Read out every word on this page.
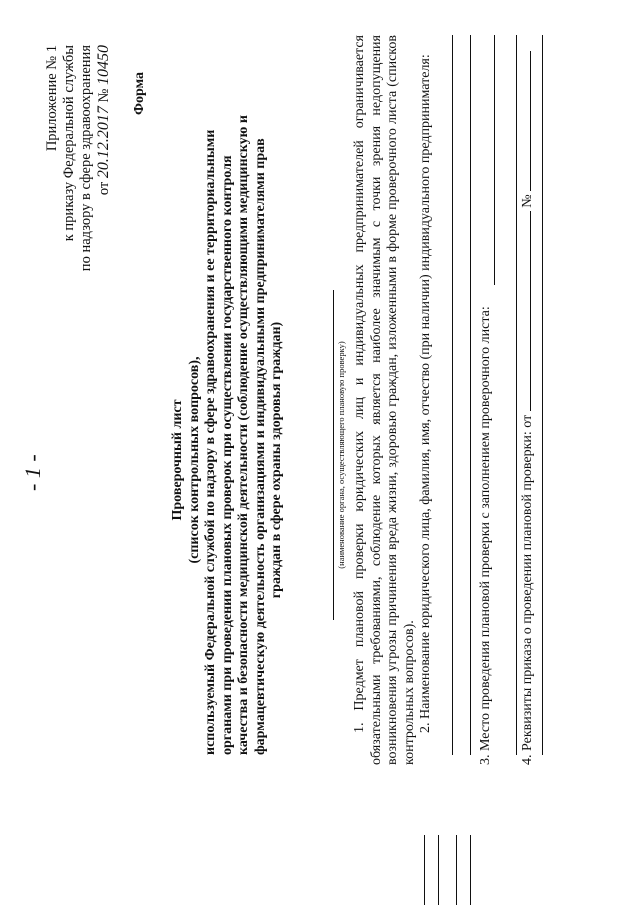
- 1 -
Приложение № 1 к приказу Федеральной службы по надзору в сфере здравоохранения от 20.12.2017 № 10450
Форма
Проверочный лист (список контрольных вопросов), используемый Федеральной службой по надзору в сфере здравоохранения и ее территориальными органами при проведении плановых проверок при осуществлении государственного контроля качества и безопасности медицинской деятельности (соблюдение осуществляющими медицинскую и фармацевтическую деятельность организациями и индивидуальными предпринимателями прав граждан в сфере охраны здоровья граждан)	(наименование органа, осуществляющего плановую проверку) 1. Предмет плановой проверки юридических лиц и индивидуальных предпринимателей ограничивается обязательными требованиями, соблюдение которых является наиболее значимым с точки зрения недопущения возникновения угрозы причинения вреда жизни, здоровью граждан, изложенными в форме проверочного листа (списков контрольных вопросов). 2. Наименование юридического лица, фамилия, имя, отчество (при наличии) индивидуального предпринимателя:	3. Место проведения плановой проверки с заполнением проверочного листа: 4. Реквизиты приказа о проведении плановой проверки: от  №
